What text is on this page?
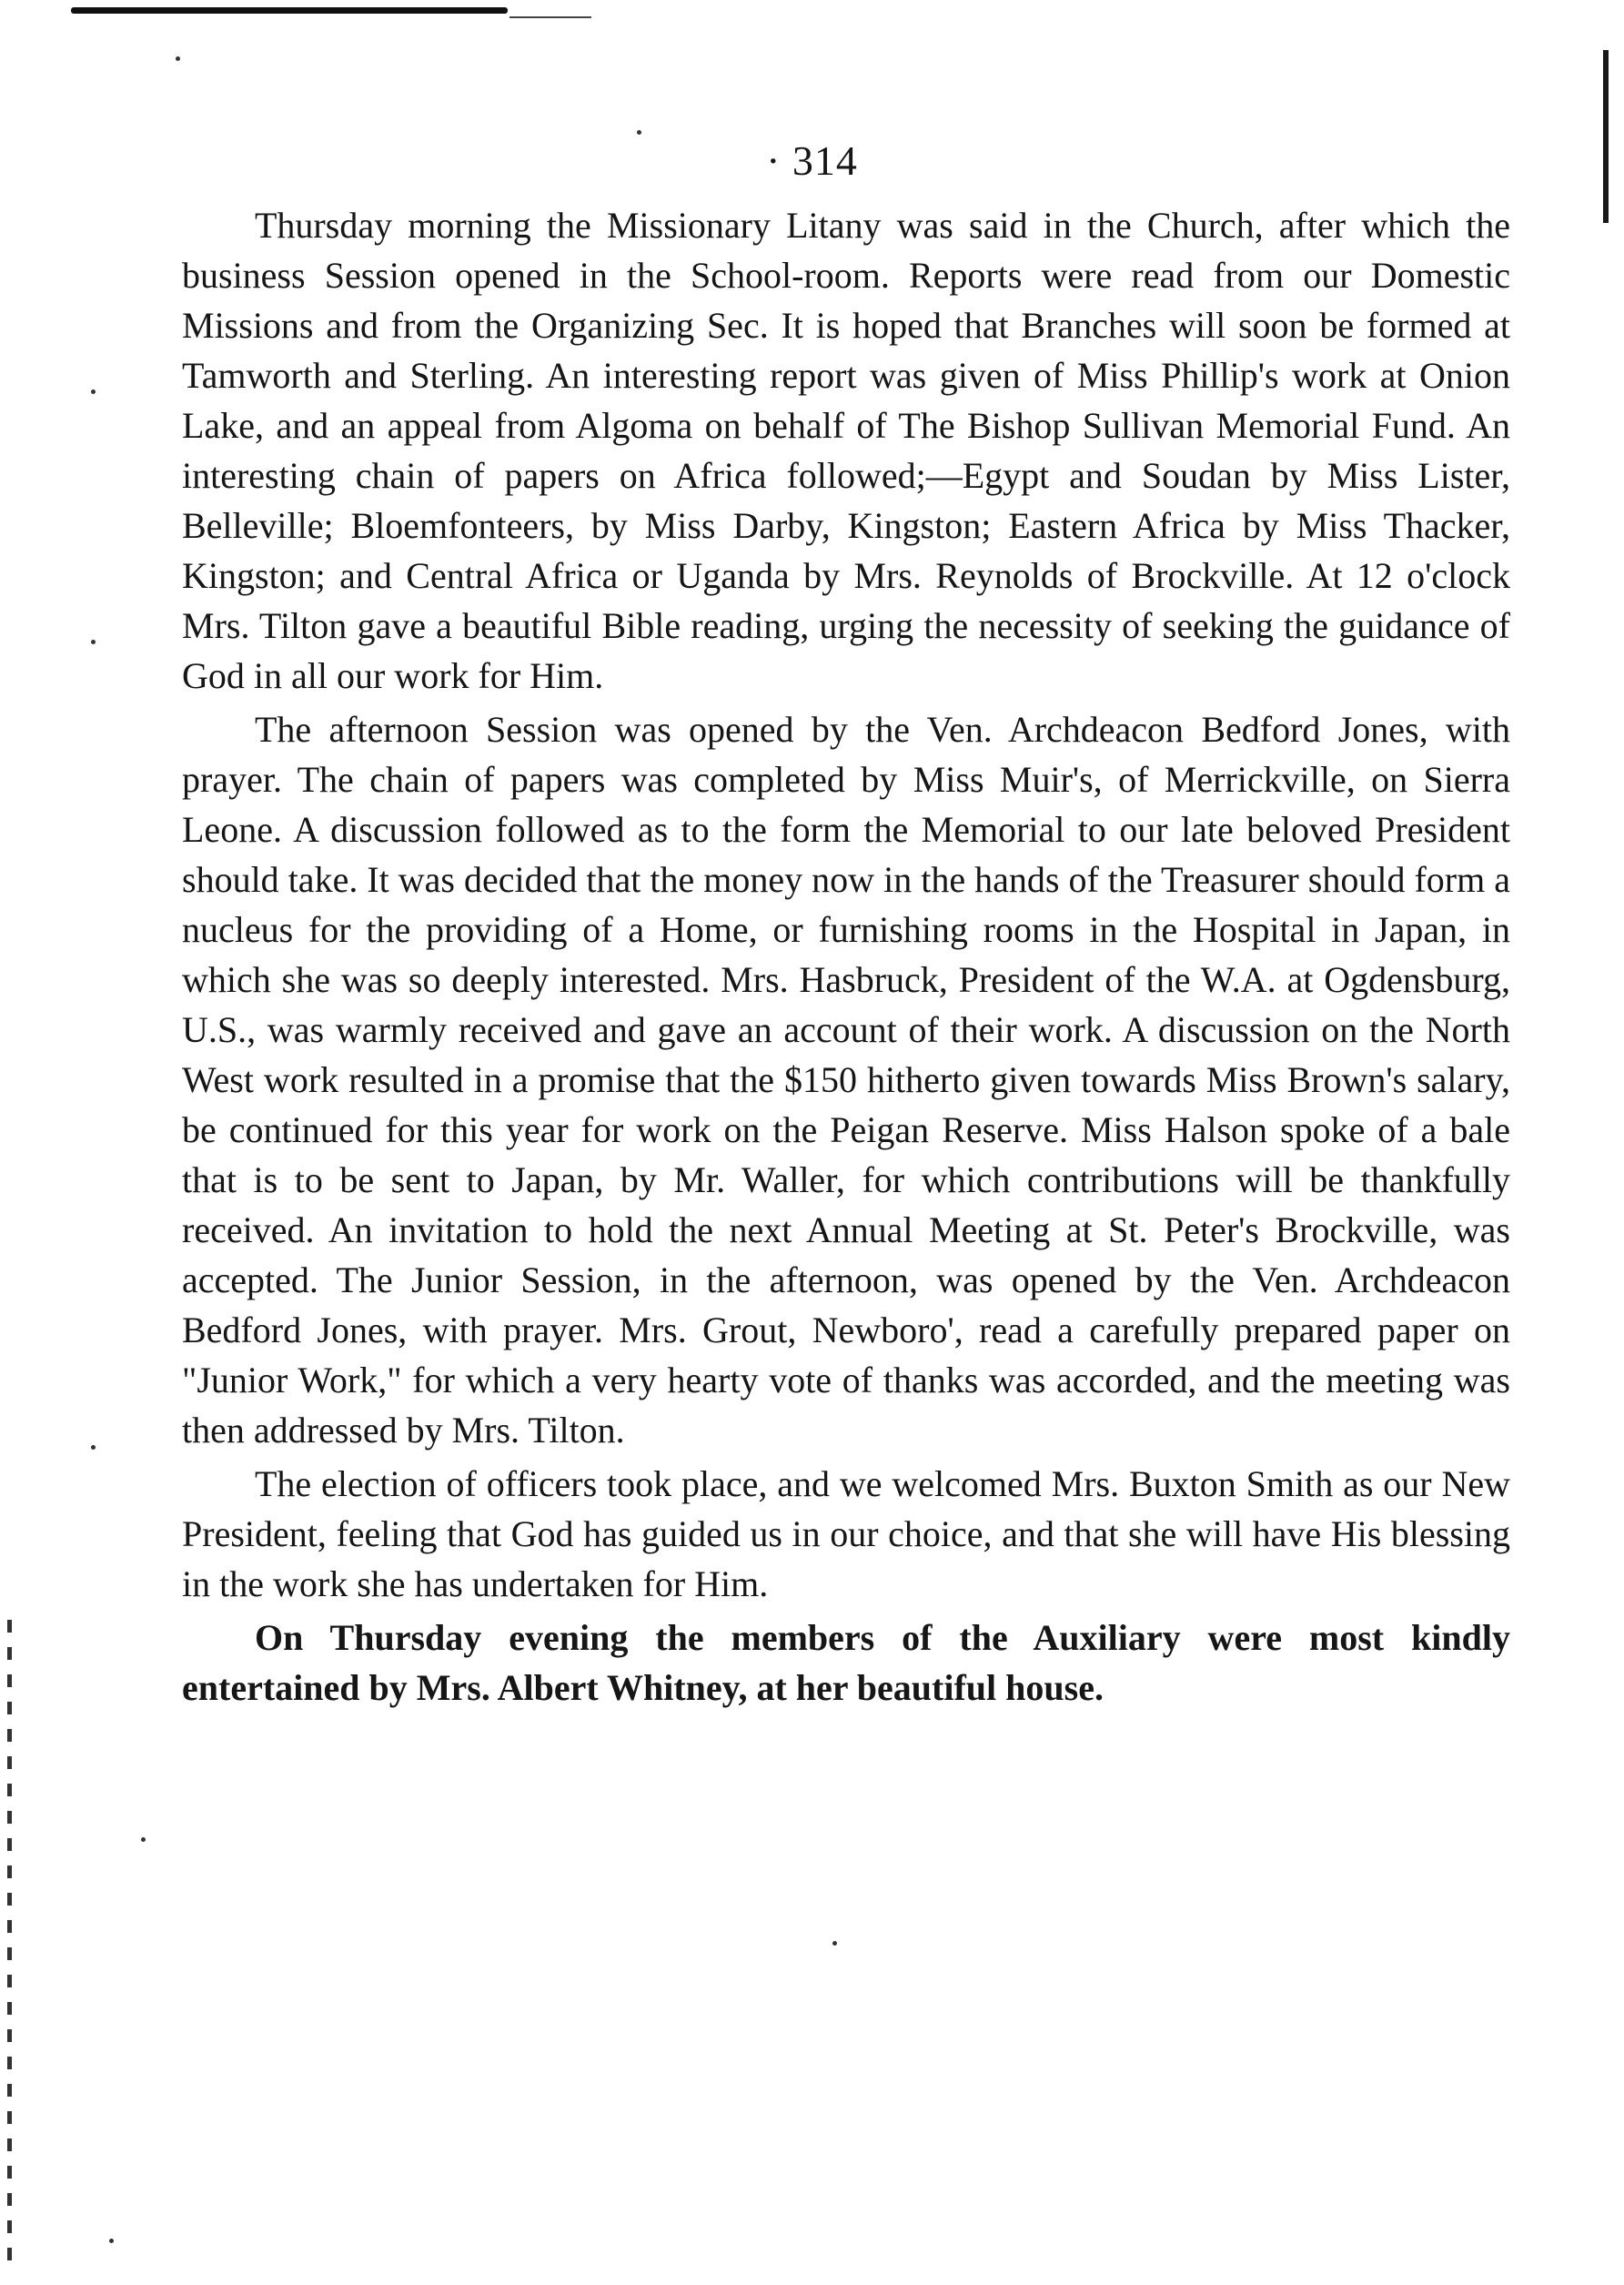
· 314

Thursday morning the Missionary Litany was said in the Church, after which the business Session opened in the School-room. Reports were read from our Domestic Missions and from the Organizing Sec. It is hoped that Branches will soon be formed at Tamworth and Sterling. An interesting report was given of Miss Phillip's work at Onion Lake, and an appeal from Algoma on behalf of The Bishop Sullivan Memorial Fund. An interesting chain of papers on Africa followed;—Egypt and Soudan by Miss Lister, Belleville; Bloemfonteers, by Miss Darby, Kingston; Eastern Africa by Miss Thacker, Kingston; and Central Africa or Uganda by Mrs. Reynolds of Brockville. At 12 o'clock Mrs. Tilton gave a beautiful Bible reading, urging the necessity of seeking the guidance of God in all our work for Him.

The afternoon Session was opened by the Ven. Archdeacon Bedford Jones, with prayer. The chain of papers was completed by Miss Muir's, of Merrickville, on Sierra Leone. A discussion followed as to the form the Memorial to our late beloved President should take. It was decided that the money now in the hands of the Treasurer should form a nucleus for the providing of a Home, or furnishing rooms in the Hospital in Japan, in which she was so deeply interested. Mrs. Hasbruck, President of the W.A. at Ogdensburg, U.S., was warmly received and gave an account of their work. A discussion on the North West work resulted in a promise that the $150 hitherto given towards Miss Brown's salary, be continued for this year for work on the Peigan Reserve. Miss Halson spoke of a bale that is to be sent to Japan, by Mr. Waller, for which contributions will be thankfully received. An invitation to hold the next Annual Meeting at St. Peter's Brockville, was accepted. The Junior Session, in the afternoon, was opened by the Ven. Archdeacon Bedford Jones, with prayer. Mrs. Grout, Newboro', read a carefully prepared paper on "Junior Work," for which a very hearty vote of thanks was accorded, and the meeting was then addressed by Mrs. Tilton.

The election of officers took place, and we welcomed Mrs. Buxton Smith as our New President, feeling that God has guided us in our choice, and that she will have His blessing in the work she has undertaken for Him.

On Thursday evening the members of the Auxiliary were most kindly entertained by Mrs. Albert Whitney, at her beautiful house.
